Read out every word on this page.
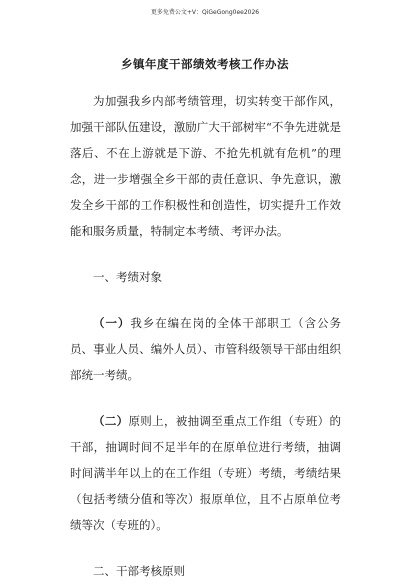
更多免费公文+V：QiGeGong0ee2026
乡镇年度干部绩效考核工作办法

为加强我乡内部考绩管理，切实转变干部作风，加强干部队伍建设，激励广大干部树牢“不争先进就是落后、不在上游就是下游、不抢先机就有危机”的理念，进一步增强全乡干部的责任意识、争先意识，激发全乡干部的工作积极性和创造性，切实提升工作效能和服务质量，特制定本考绩、考评办法。

一、考绩对象

（一）我乡在编在岗的全体干部职工（含公务员、事业人员、编外人员）、市管科级领导干部由组织部统一考绩。

（二）原则上，被抽调至重点工作组（专班）的干部，抽调时间不足半年的在原单位进行考绩，抽调时间满半年以上的在工作组（专班）考绩，考绩结果（包括考绩分值和等次）报原单位，且不占原单位考绩等次（专班的）。

二、干部考核原则
